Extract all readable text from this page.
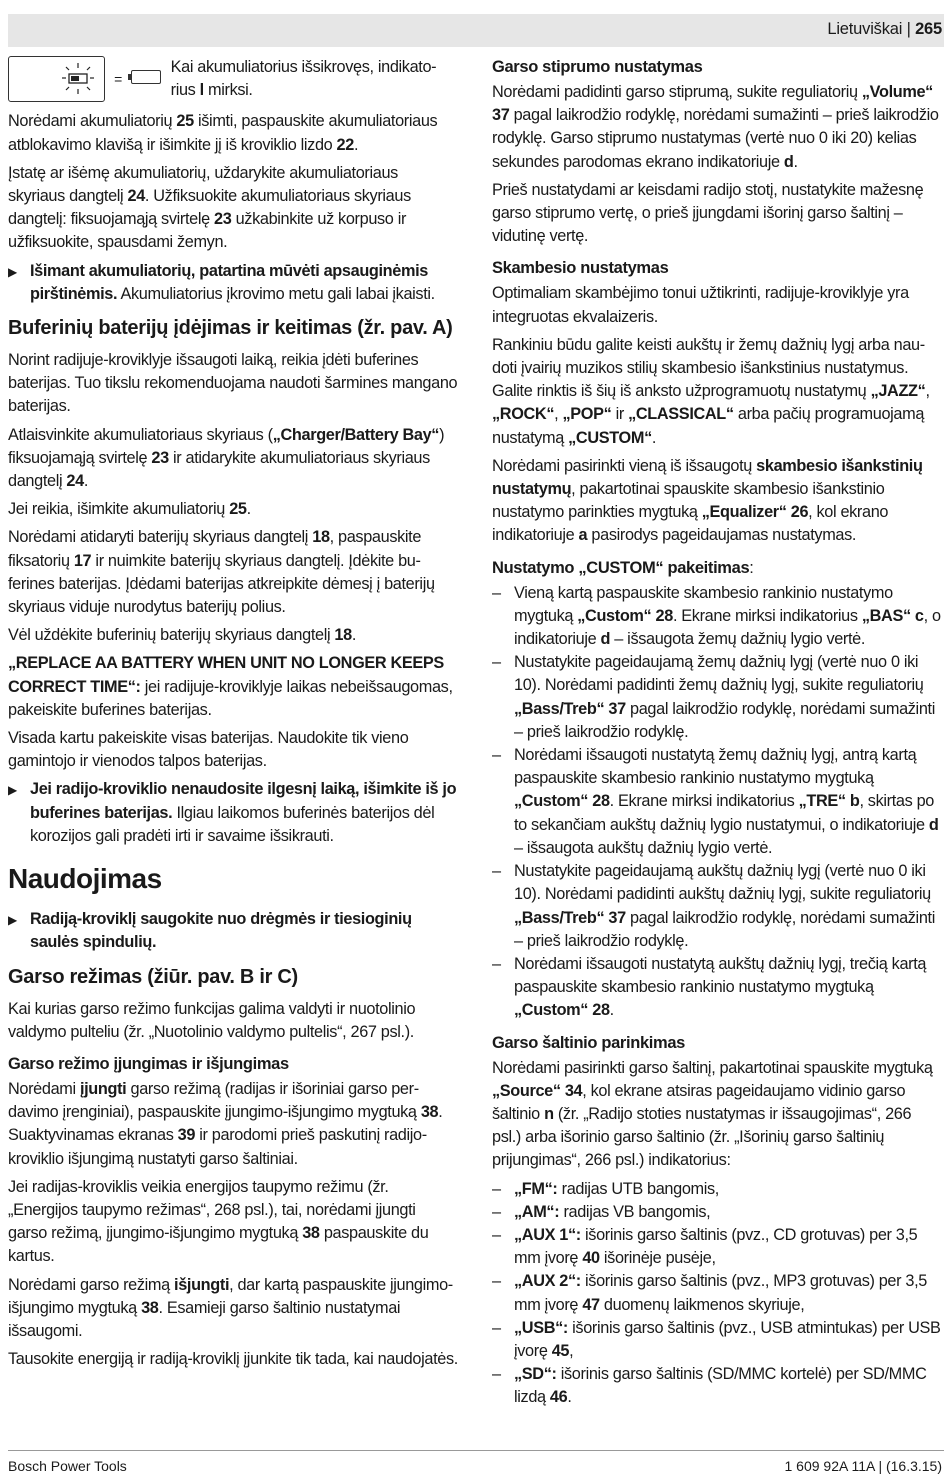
Lietuviškai | 265
=
Kai akumuliatorius išsikrovęs, indikato-
rius l mirksi.

Norėdami akumuliatorių 25 išimti, paspauskite akumuliatoriaus atblokavimo klavišą ir išimkite jį iš kroviklio lizdo 22.

Įstatę ar išėmę akumuliatorių, uždarykite akumuliatoriaus skyriaus dangtelį 24. Užfiksuokite akumuliatoriaus skyriaus dangtelį: fiksuojamąją svirtelę 23 užkabinkite už korpuso ir užfiksuokite, spausdami žemyn.

▶ Išimant akumuliatorių, patartina mūvėti apsauginėmis pirštinėmis. Akumuliatorius įkrovimo metu gali labai įkaisti.
Buferinių baterijų įdėjimas ir keitimas (žr. pav. A)

Norint radijuje-kroviklyje išsaugoti laiką, reikia įdėti buferines baterijas. Tuo tikslu rekomenduojama naudoti šarmines mangano baterijas.

Atlaisvinkite akumuliatoriaus skyriaus („Charger/Battery Bay“) fiksuojamąją svirtelę 23 ir atidarykite akumuliatoriaus skyriaus dangtelį 24.

Jei reikia, išimkite akumuliatorių 25.

Norėdami atidaryti baterijų skyriaus dangtelį 18, paspauskite fiksatorių 17 ir nuimkite baterijų skyriaus dangtelį. Įdėkite buferines baterijas. Įdėdami baterijas atkreipkite dėmesį į baterijų skyriaus viduje nurodytus baterijų polius.

Vėl uždėkite buferinių baterijų skyriaus dangtelį 18.

„REPLACE AA BATTERY WHEN UNIT NO LONGER KEEPS CORRECT TIME“: jei radijuje-kroviklyje laikas nebeišsaugomas, pakeiskite buferines baterijas.

Visada kartu pakeiskite visas baterijas. Naudokite tik vieno gamintojo ir vienodos talpos baterijas.

▶ Jei radijo-kroviklio nenaudosite ilgesnį laiką, išimkite iš jo buferines baterijas. Ilgiau laikomos buferinės baterijos dėl korozijos gali pradėti irti ir savaime išsikrauti.
Naudojimas
▶ Radiją-kroviklį saugokite nuo drėgmės ir tiesioginių saulės spindulių.
Garso režimas (žiūr. pav. B ir C)

Kai kurias garso režimo funkcijas galima valdyti ir nuotolinio valdymo pulteliu (žr. „Nuotolinio valdymo pultelis“, 267 psl.).

Garso režimo įjungimas ir išjungimas

Norėdami įjungti garso režimą (radijas ir išoriniai garso perdavimo įrenginiai), paspauskite įjungimo-išjungimo mygtuką 38. Suaktyvinamas ekranas 39 ir parodomi prieš paskutinį radijo-kroviklio išjungimą nustatyti garso šaltiniai.

Jei radijas-kroviklis veikia energijos taupymo režimu (žr. „Energijos taupymo režimas“, 268 psl.), tai, norėdami įjungti garso režimą, įjungimo-išjungimo mygtuką 38 paspauskite du kartus.

Norėdami garso režimą išjungti, dar kartą paspauskite įjungimo-išjungimo mygtuką 38. Esamieji garso šaltinio nustatymai išsaugomi.

Tausokite energiją ir radiją-kroviklį įjunkite tik tada, kai naudojatės.

Garso stiprumo nustatymas

Norėdami padidinti garso stiprumą, sukite reguliatorių „Volume“ 37 pagal laikrodžio rodyklę, norėdami sumažinti – prieš laikrodžio rodyklę. Garso stiprumo nustatymas (vertė nuo 0 iki 20) kelias sekundes parodomas ekrano indikatoriuje d.

Prieš nustatydami ar keisdami radijo stotį, nustatykite mažesnę garso stiprumo vertę, o prieš įjungdami išorinį garso šaltinį – vidutinę vertę.

Skambesio nustatymas

Optimaliam skambėjimo tonui užtikrinti, radijuje-kroviklyje yra integruotas ekvalaizeris.

Rankiniu būdu galite keisti aukštų ir žemų dažnių lygį arba naudoti įvairių muzikos stilių skambesio išankstinius nustatymus. Galite rinktis iš šių iš anksto užprogramuotų nustatymų „JAZZ“, „ROCK“, „POP“ ir „CLASSICAL“ arba pačių programuojamą nustatymą „CUSTOM“.

Norėdami pasirinkti vieną iš išsaugotų skambesio išankstinių nustatymų, pakartotinai spauskite skambesio išankstinio nustatymo parinkties mygtuką „Equalizer“ 26, kol ekrano indikatoriuje a pasirodys pageidaujamas nustatymas.

Nustatymo „CUSTOM“ pakeitimas:
– Vieną kartą paspauskite skambesio rankinio nustatymo mygtuką „Custom“ 28. Ekrane mirksi indikatorius „BAS“ c, o indikatoriuje d – išsaugota žemų dažnių lygio vertė.
– Nustatykite pageidaujamą žemų dažnių lygį (vertė nuo 0 iki 10). Norėdami padidinti žemų dažnių lygį, sukite reguliatorių „Bass/Treb“ 37 pagal laikrodžio rodyklę, norėdami sumažinti – prieš laikrodžio rodyklę.
– Norėdami išsaugoti nustatytą žemų dažnių lygį, antrą kartą paspauskite skambesio rankinio nustatymo mygtuką „Custom“ 28. Ekrane mirksi indikatorius „TRE“ b, skirtas po to sekančiam aukštų dažnių lygio nustatymui, o indikatoriuje d – išsaugota aukštų dažnių lygio vertė.
– Nustatykite pageidaujamą aukštų dažnių lygį (vertė nuo 0 iki 10). Norėdami padidinti aukštų dažnių lygį, sukite reguliatorių „Bass/Treb“ 37 pagal laikrodžio rodyklę, norėdami sumažinti – prieš laikrodžio rodyklę.
– Norėdami išsaugoti nustatytą aukštų dažnių lygį, trečią kartą paspauskite skambesio rankinio nustatymo mygtuką „Custom“ 28.
Garso šaltinio parinkimas

Norėdami pasirinkti garso šaltinį, pakartotinai spauskite mygtuką „Source“ 34, kol ekrane atsiras pageidaujamo vidinio garso šaltinio n (žr. „Radijo stoties nustatymas ir išsaugojimas“, 266 psl.) arba išorinio garso šaltinio (žr. „Išorinių garso šaltinių prijungimas“, 266 psl.) indikatorius:

– „FM“: radijas UTB bangomis,
– „AM“: radijas VB bangomis,
– „AUX 1“: išorinis garso šaltinis (pvz., CD grotuvas) per 3,5 mm įvorę 40 išorinėje pusėje,
– „AUX 2“: išorinis garso šaltinis (pvz., MP3 grotuvas) per 3,5 mm įvorę 47 duomenų laikmenos skyriuje,
– „USB“: išorinis garso šaltinis (pvz., USB atmintukas) per USB įvorę 45,
– „SD“: išorinis garso šaltinis (SD/MMC kortelė) per SD/MMC lizdą 46.
Bosch Power Tools	1 609 92A 11A | (16.3.15)
